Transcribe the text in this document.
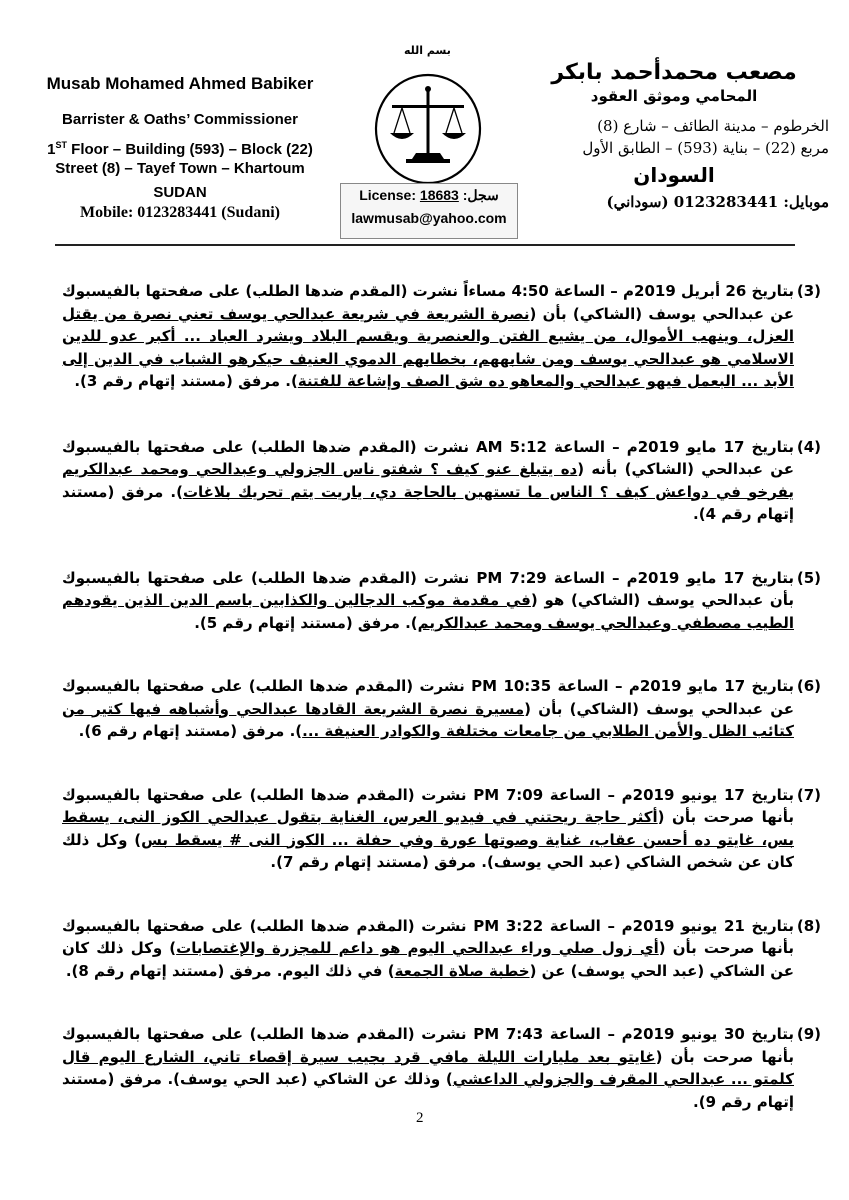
بسم الله
Musab Mohamed Ahmed Babiker
Barrister & Oaths’ Commissioner
1ST Floor – Building (593) – Block (22)
Street (8) – Tayef Town – Khartoum
SUDAN
Mobile: 0123283441 (Sudani)
مصعب محمدأحمد بابكر
المحامي وموثق العقود
الخرطوم – مدينة الطائف – شارع (8)
مربع (22) – بناية (593) – الطابق الأول
السودان
موبايل: 0123283441 (سوداني)
License: 18683 سجل:
lawmusab@yahoo.com
(3)
بتاريخ 26 أبريل 2019م – الساعة 4:50 مساءاً نشرت (المقدم ضدها الطلب) على صفحتها بالفيسبوك عن عبدالحي يوسف (الشاكي) بأن (نصرة الشريعة في شريعة عبدالحي يوسف تعني نصرة من يقتل العزل، وينهب الأموال، من يشيع الفتن والعنصرية ويقسم البلاد ويشرد العباد ... أكبر عدو للدين الاسلامي هو عبدالحي يوسف ومن شابههم، بخطابهم الدموي العنيف حيكرهو الشباب في الدين إلى الأبد ... البعمل فيهو عبدالحي والمعاهو ده شق الصف وإشاعة للفتنة). مرفق (مستند إتهام رقم 3).
(4)
بتاريخ 17 مايو 2019م – الساعة 5:12 AM نشرت (المقدم ضدها الطلب) على صفحتها بالفيسبوك عن عبدالحي (الشاكي) بأنه (ده يتبلغ عنو كيف ؟ شفتو ناس الجزولي وعبدالحي ومحمد عبدالكريم يفرخو في دواعش كيف ؟ الناس ما تستهين بالحاجة دي، ياريت يتم تحريك بلاغات). مرفق (مستند إتهام رقم 4).
(5)
بتاريخ 17 مايو 2019م – الساعة 7:29 PM نشرت (المقدم ضدها الطلب) على صفحتها بالفيسبوك بأن عبدالحي يوسف (الشاكي) هو (في مقدمة موكب الدجالين والكذابين باسم الدين الذين يقودهم الطيب مصطفي وعبدالحي يوسف ومحمد عبدالكريم). مرفق (مستند إتهام رقم 5).
(6)
بتاريخ 17 مايو 2019م – الساعة 10:35 PM نشرت (المقدم ضدها الطلب) على صفحتها بالفيسبوك عن عبدالحي يوسف (الشاكي) بأن (مسيرة نصرة الشريعة القادها عبدالحي وأشباهه فيها كتير من كتائب الظل والأمن الطلابي من جامعات مختلفة والكوادر العنيفة ...). مرفق (مستند إتهام رقم 6).
(7)
بتاريخ 17 يونيو 2019م – الساعة 7:09 PM نشرت (المقدم ضدها الطلب) على صفحتها بالفيسبوك بأنها صرحت بأن (أكثر حاجة ريحتني في فيديو العرس، الغناية بتقول عبدالحي الكوز النى، يسقط بس، غايتو ده أحسن عقاب، غناية وصوتها عورة وفي حفلة ... الكوز النى # يسقط بس) وكل ذلك كان عن شخص الشاكي (عبد الحي يوسف). مرفق (مستند إتهام رقم 7).
(8)
بتاريخ 21 يونيو 2019م – الساعة 3:22 PM نشرت (المقدم ضدها الطلب) على صفحتها بالفيسبوك بأنها صرحت بأن (أي زول صلي وراء عبدالحي اليوم هو داعم للمجزرة والإغتصابات) وكل ذلك كان عن الشاكي (عبد الحي يوسف) عن (خطبة صلاة الجمعة) في ذلك اليوم. مرفق (مستند إتهام رقم 8).
(9)
بتاريخ 30 يونيو 2019م – الساعة 7:43 PM نشرت (المقدم ضدها الطلب) على صفحتها بالفيسبوك بأنها صرحت بأن (غايتو بعد مليارات الليلة مافي قرد بجيب سيرة إقصاء تاني، الشارع اليوم قال كلمتو ... عبدالحي المقرف والجزولي الداعشي) وذلك عن الشاكي (عبد الحي يوسف). مرفق (مستند إتهام رقم 9).
2
